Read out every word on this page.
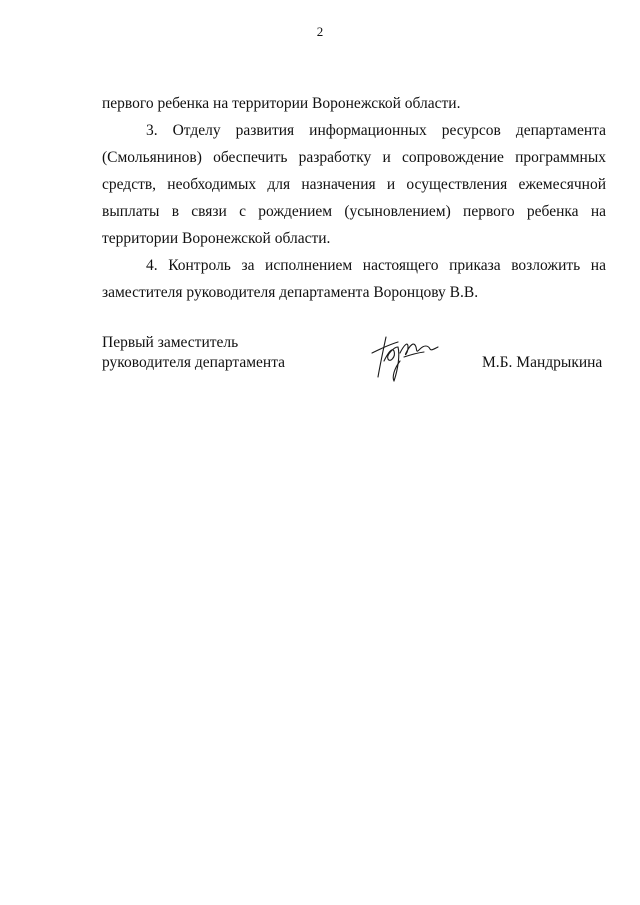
2
первого ребенка на территории Воронежской области.
3. Отделу развития информационных ресурсов департамента
(Смольянинов) обеспечить разработку и сопровождение программных
средств, необходимых для назначения и осуществления ежемесячной
выплаты в связи с рождением (усыновлением) первого ребенка на
территории Воронежской области.
4. Контроль за исполнением настоящего приказа возложить на
заместителя руководителя департамента Воронцову В.В.
Первый заместитель
руководителя департамента	М.Б. Мандрыкина
